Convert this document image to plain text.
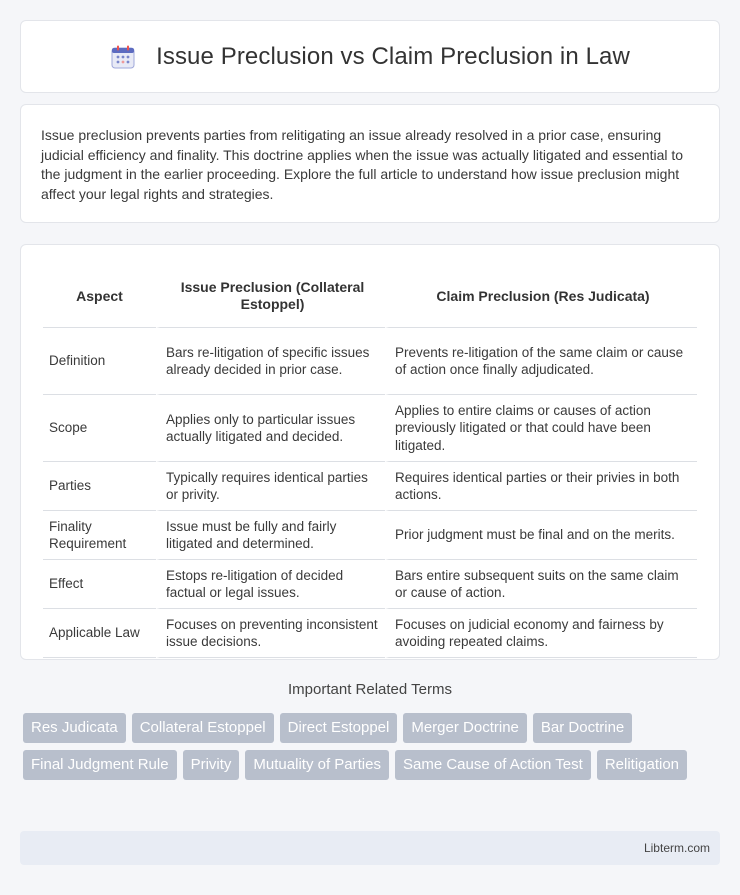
Issue Preclusion vs Claim Preclusion in Law

Issue preclusion prevents parties from relitigating an issue already resolved in a prior case, ensuring judicial efficiency and finality. This doctrine applies when the issue was actually litigated and essential to the judgment in the earlier proceeding. Explore the full article to understand how issue preclusion might affect your legal rights and strategies.

Aspect	Issue Preclusion (Collateral Estoppel)	Claim Preclusion (Res Judicata)
Definition	Bars re-litigation of specific issues already decided in prior case.	Prevents re-litigation of the same claim or cause of action once finally adjudicated.
Scope	Applies only to particular issues actually litigated and decided.	Applies to entire claims or causes of action previously litigated or that could have been litigated.
Parties	Typically requires identical parties or privity.	Requires identical parties or their privies in both actions.
Finality Requirement	Issue must be fully and fairly litigated and determined.	Prior judgment must be final and on the merits.
Effect	Estops re-litigation of decided factual or legal issues.	Bars entire subsequent suits on the same claim or cause of action.
Applicable Law	Focuses on preventing inconsistent issue decisions.	Focuses on judicial economy and fairness by avoiding repeated claims.
Important Related Terms
Res Judicata	Collateral Estoppel	Direct Estoppel	Merger Doctrine	Bar Doctrine
Final Judgment Rule	Privity	Mutuality of Parties	Same Cause of Action Test	Relitigation
Libterm.com
